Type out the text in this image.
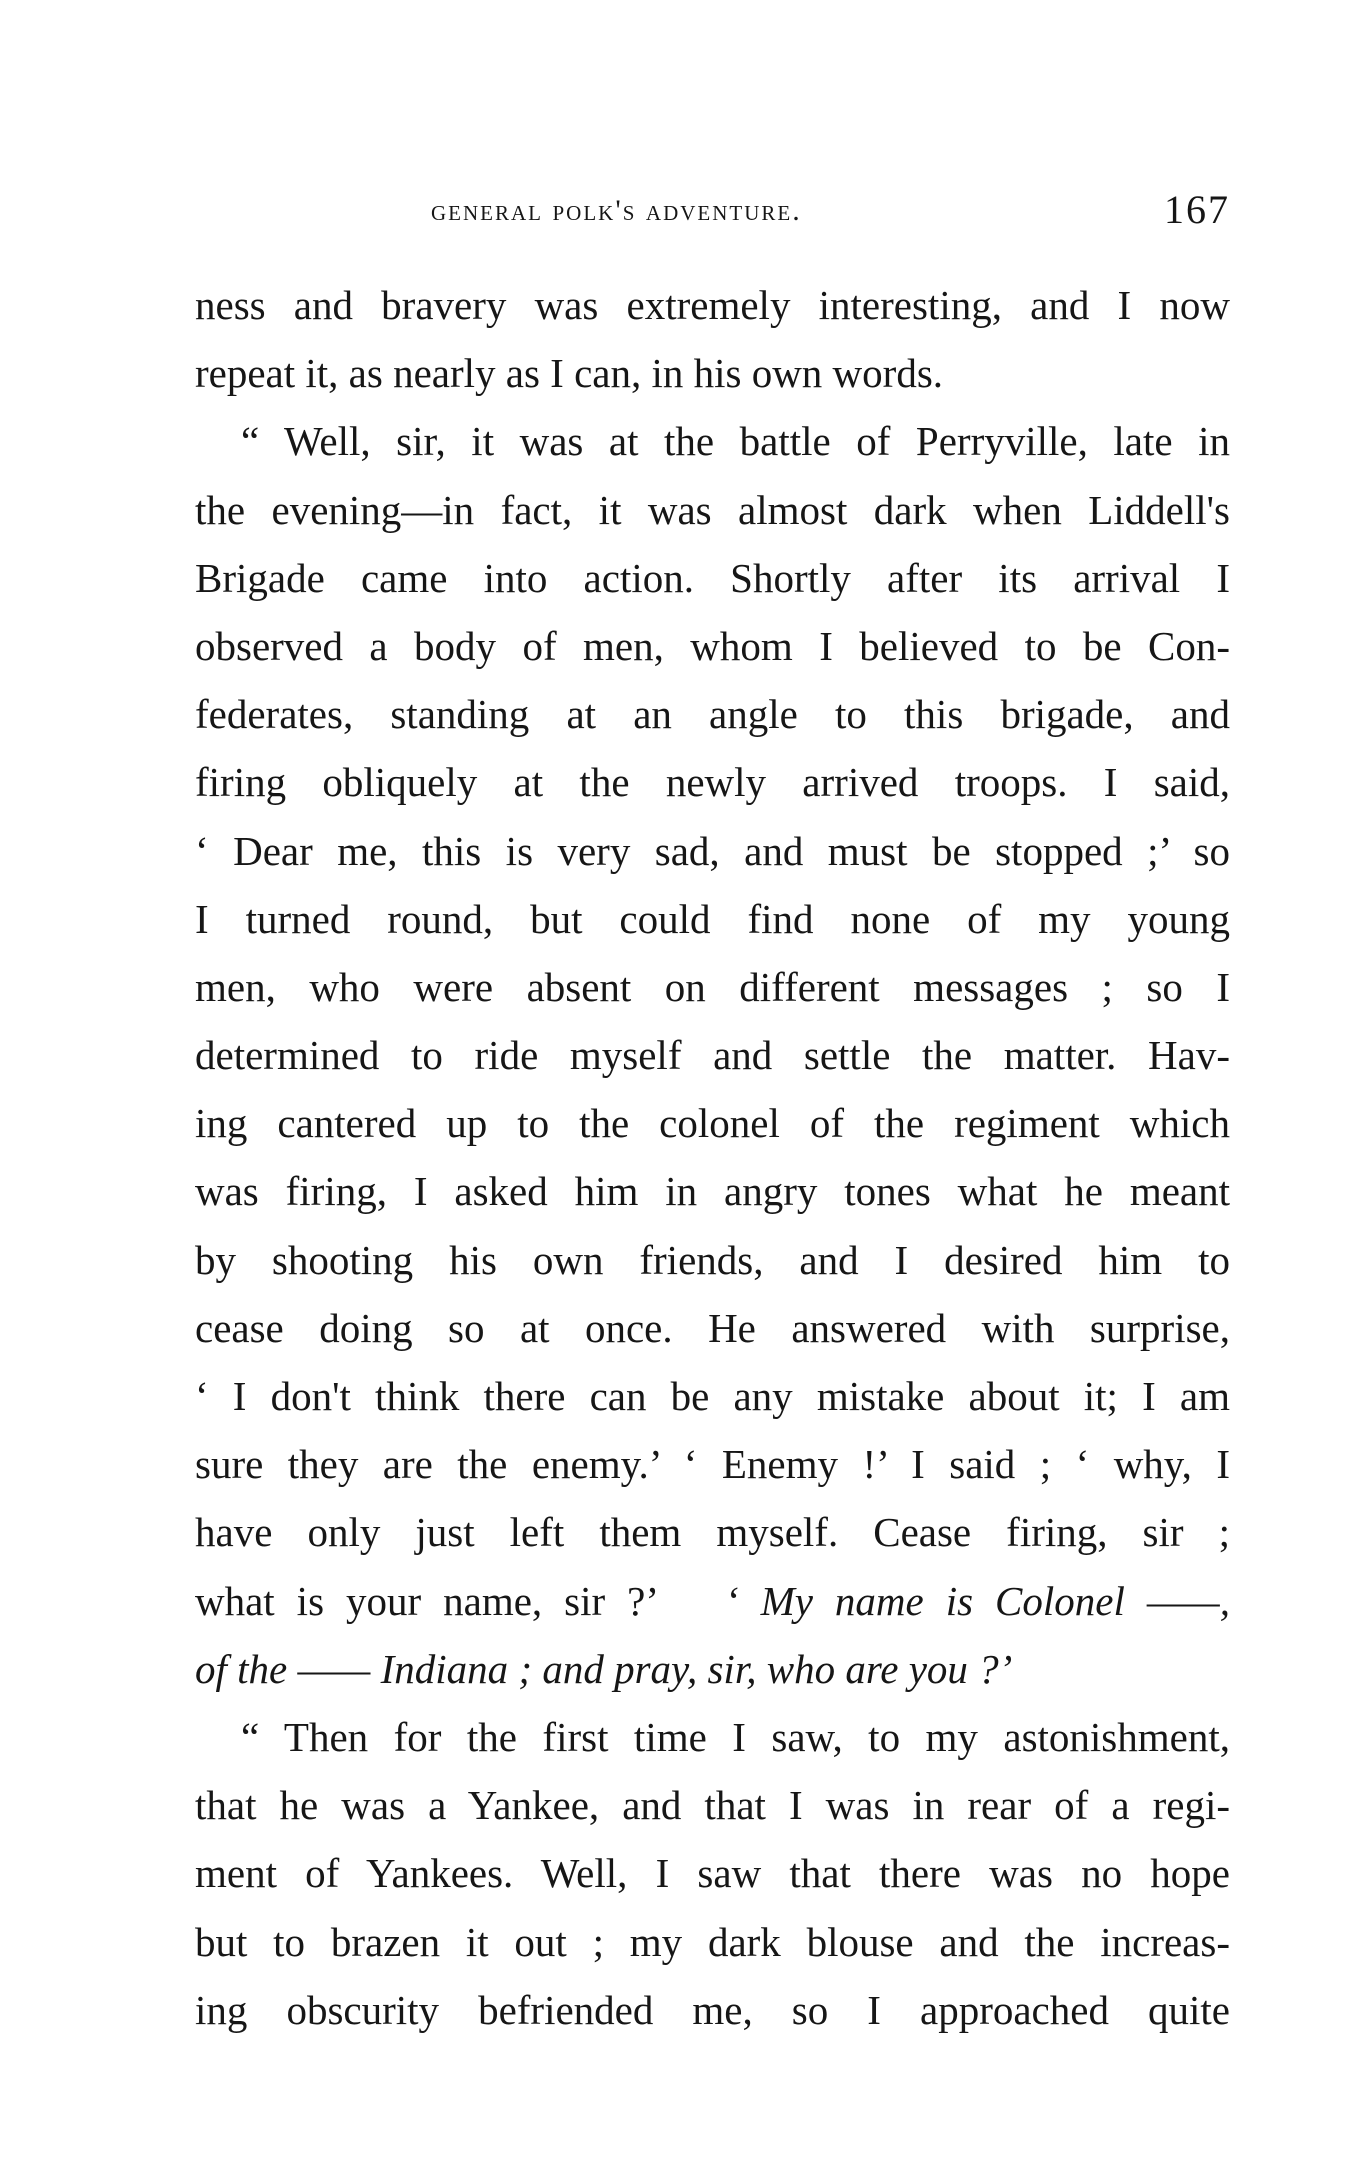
general polk's adventure.	167
ness and bravery was extremely interesting, and I now
repeat it, as nearly as I can, in his own words.
“ Well, sir, it was at the battle of Perryville, late in
the evening—in fact, it was almost dark when Liddell's
Brigade came into action. Shortly after its arrival I
observed a body of men, whom I believed to be Con-
federates, standing at an angle to this brigade, and
firing obliquely at the newly arrived troops. I said,
‘ Dear me, this is very sad, and must be stopped ;’ so
I turned round, but could find none of my young
men, who were absent on different messages ; so I
determined to ride myself and settle the matter. Hav-
ing cantered up to the colonel of the regiment which
was firing, I asked him in angry tones what he meant
by shooting his own friends, and I desired him to
cease doing so at once. He answered with surprise,
‘ I don't think there can be any mistake about it; I am
sure they are the enemy.’ ‘ Enemy !’ I said ; ‘ why, I
have only just left them myself. Cease firing, sir ;
what is your name, sir ?’ ‘ My name is Colonel ——,
of the —— Indiana ; and pray, sir, who are you ?’
“ Then for the first time I saw, to my astonishment,
that he was a Yankee, and that I was in rear of a regi-
ment of Yankees. Well, I saw that there was no hope
but to brazen it out ; my dark blouse and the increas-
ing obscurity befriended me, so I approached quite
